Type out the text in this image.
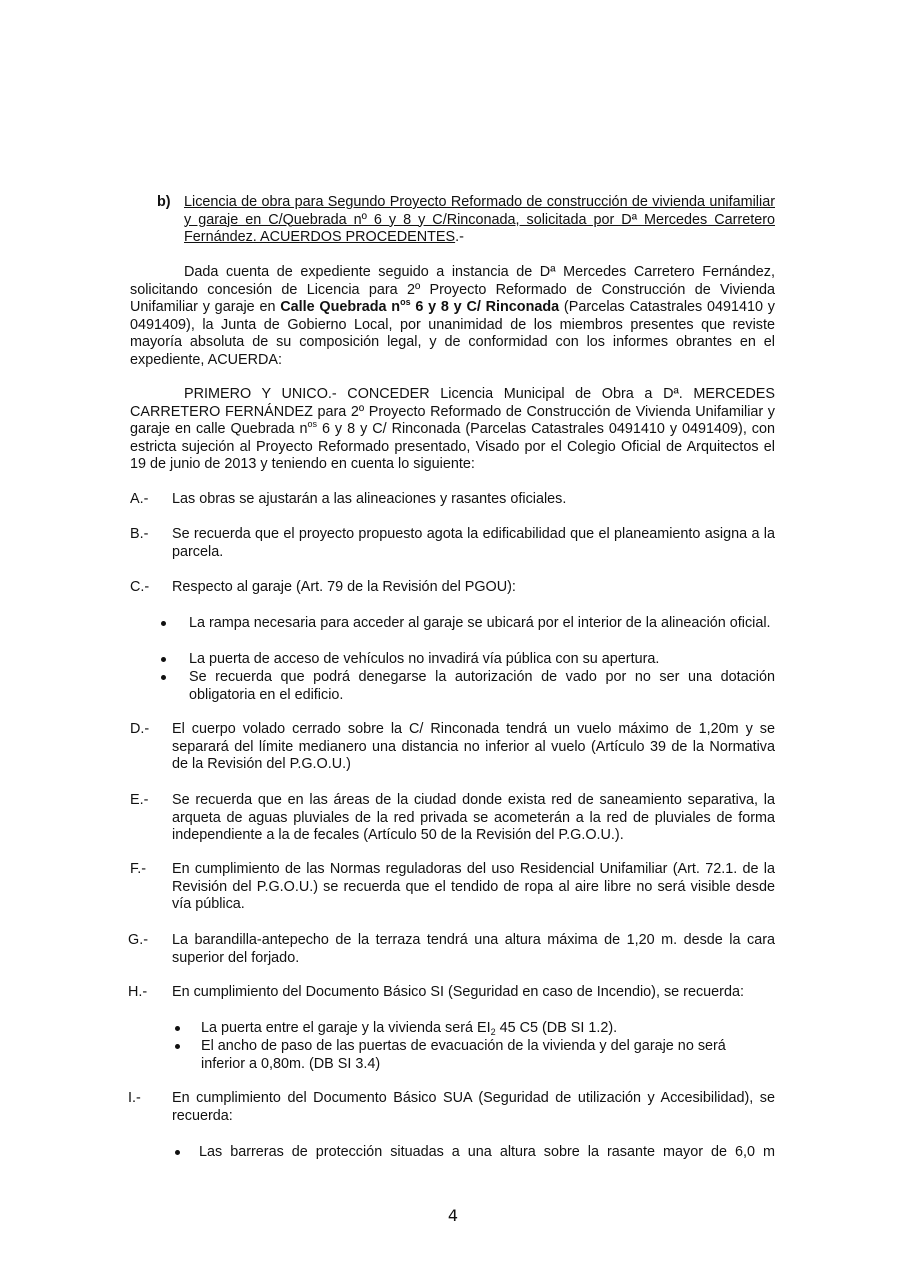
b) Licencia de obra para Segundo Proyecto Reformado de construcción de vivienda unifamiliar y garaje en C/Quebrada nº 6 y 8 y C/Rinconada, solicitada por Dª Mercedes Carretero Fernández. ACUERDOS PROCEDENTES.-
Dada cuenta de expediente seguido a instancia de Dª Mercedes Carretero Fernández, solicitando concesión de Licencia para 2º Proyecto Reformado de Construcción de Vivienda Unifamiliar y garaje en Calle Quebrada $n^{os}$ 6 y 8 y C/ Rinconada (Parcelas Catastrales 0491410 y 0491409), la Junta de Gobierno Local, por unanimidad de los miembros presentes que reviste mayoría absoluta de su composición legal, y de conformidad con los informes obrantes en el expediente, ACUERDA:
PRIMERO Y UNICO.- CONCEDER Licencia Municipal de Obra a Dª. MERCEDES CARRETERO FERNÁNDEZ para 2º Proyecto Reformado de Construcción de Vivienda Unifamiliar y garaje en calle Quebrada $n^{os}$ 6 y 8 y C/ Rinconada (Parcelas Catastrales 0491410 y 0491409), con estricta sujeción al Proyecto Reformado presentado, Visado por el Colegio Oficial de Arquitectos el 19 de junio de 2013 y teniendo en cuenta lo siguiente:
A.- Las obras se ajustarán a las alineaciones y rasantes oficiales.
B.- Se recuerda que el proyecto propuesto agota la edificabilidad que el planeamiento asigna a la parcela.
C.- Respecto al garaje (Art. 79 de la Revisión del PGOU):
La rampa necesaria para acceder al garaje se ubicará por el interior de la alineación oficial.
La puerta de acceso de vehículos no invadirá vía pública con su apertura.
Se recuerda que podrá denegarse la autorización de vado por no ser una dotación obligatoria en el edificio.
D.- El cuerpo volado cerrado sobre la C/ Rinconada tendrá un vuelo máximo de 1,20m y se separará del límite medianero una distancia no inferior al vuelo (Artículo 39 de la Normativa de la Revisión del P.G.O.U.)
E.- Se recuerda que en las áreas de la ciudad donde exista red de saneamiento separativa, la arqueta de aguas pluviales de la red privada se acometerán a la red de pluviales de forma independiente a la de fecales (Artículo 50 de la Revisión del P.G.O.U.).
F.- En cumplimiento de las Normas reguladoras del uso Residencial Unifamiliar (Art. 72.1. de la Revisión del P.G.O.U.) se recuerda que el tendido de ropa al aire libre no será visible desde vía pública.
G.- La barandilla-antepecho de la terraza tendrá una altura máxima de 1,20 m. desde la cara superior del forjado.
H.- En cumplimiento del Documento Básico SI (Seguridad en caso de Incendio), se recuerda:
La puerta entre el garaje y la vivienda será $EI_2$ 45 C5 (DB SI 1.2).
El ancho de paso de las puertas de evacuación de la vivienda y del garaje no será inferior a 0,80m. (DB SI 3.4)
I.- En cumplimiento del Documento Básico SUA (Seguridad de utilización y Accesibilidad), se recuerda:
Las barreras de protección situadas a una altura sobre la rasante mayor de 6,0 m
4
